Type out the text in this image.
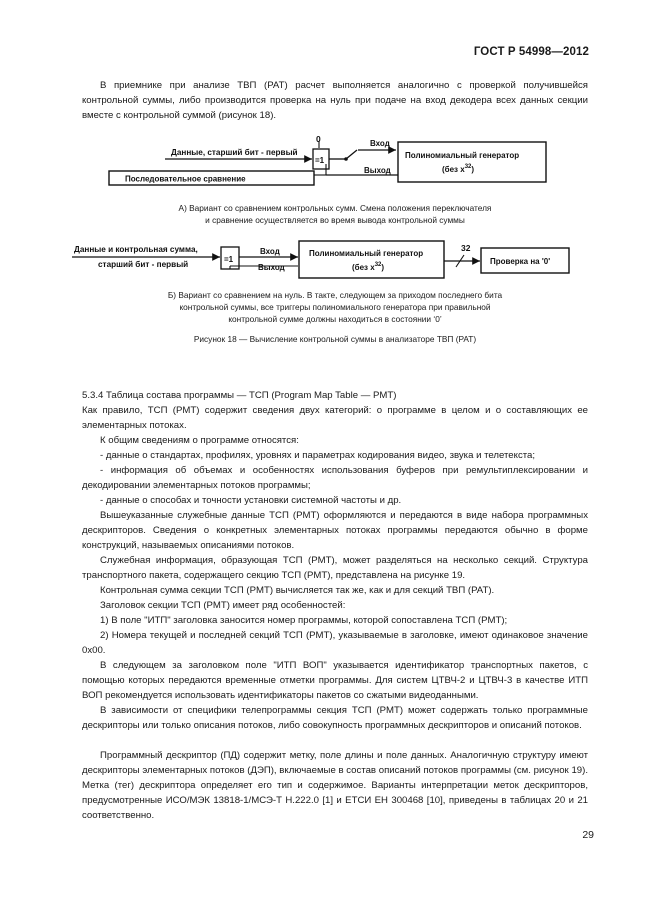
ГОСТ Р 54998—2012

В приемнике при анализе ТВП (PAT) расчет выполняется аналогично с проверкой получившейся контрольной суммы, либо производится проверка на нуль при подаче на вход декодера всех данных секции вместе с контрольной суммой (рисунок 18).

Данные, старший бит - первый
=1
0	Вход
Полиномиальный генератор
(без $x^{32}$)
Выход
Последовательное сравнение

А) Вариант со сравнением контрольных сумм. Смена положения переключателя

и сравнение осуществляется во время вывода контрольной суммы

Данные и контрольная сумма,
старший бит - первый
=1
Вход
Выход
Полиномиальный генератор
(без $x^{32}$)
32
Проверка на '0'

Б) Вариант со сравнением на нуль. В такте, следующем за приходом последнего бита

контрольной суммы, все триггеры полиномиального генератора при правильной

контрольной сумме должны находиться в состоянии ‘0’

Рисунок 18 — Вычисление контрольной суммы в анализаторе ТВП (PAT)

5.3.4 Таблица состава программы — ТСП (Program Map Table — PMT)

Как правило, ТСП (PMT) содержит сведения двух категорий: о программе в целом и о составляющих ее элементарных потоках.

К общим сведениям о программе относятся:

- данные о стандартах, профилях, уровнях и параметрах кодирования видео, звука и телетекста;

- информация об объемах и особенностях использования буферов при ремультиплексировании и декодировании элементарных потоков программы;

- данные о способах и точности установки системной частоты и др.

Вышеуказанные служебные данные ТСП (PMT) оформляются и передаются в виде набора программных дескрипторов. Сведения о конкретных элементарных потоках программы передаются обычно в форме конструкций, называемых описаниями потоков.

Служебная информация, образующая ТСП (PMT), может разделяться на несколько секций. Структура транспортного пакета, содержащего секцию ТСП (PMT), представлена на рисунке 19.

Контрольная сумма секции ТСП (PMT) вычисляется так же, как и для секций ТВП (PAT).

Заголовок секции ТСП (PMT) имеет ряд особенностей:

1) В поле "ИТП" заголовка заносится номер программы, которой сопоставлена ТСП (PMT);

2) Номера текущей и последней секций ТСП (PMT), указываемые в заголовке, имеют одинаковое значение 0x00.

В следующем за заголовком поле "ИТП ВОП" указывается идентификатор транспортных пакетов, с помощью которых передаются временные отметки программы. Для систем ЦТВЧ-2 и ЦТВЧ-3 в качестве ИТП ВОП рекомендуется использовать идентификаторы пакетов со сжатыми видеоданными.

В зависимости от специфики телепрограммы секция ТСП (PMT) может содержать только программные дескрипторы или только описания потоков, либо совокупность программных дескрипторов и описаний потоков.

Программный дескриптор (ПД) содержит метку, поле длины и поле данных. Аналогичную структуру имеют дескрипторы элементарных потоков (ДЭП), включаемые в состав описаний потоков программы (см. рисунок 19). Метка (тег) дескриптора определяет его тип и содержимое. Варианты интерпретации меток дескрипторов, предусмотренные ИСО/МЭК 13818-1/МСЭ-Т H.222.0 [1] и ЕТСИ ЕН 300468 [10], приведены в таблицах 20 и 21 соответственно.

29
